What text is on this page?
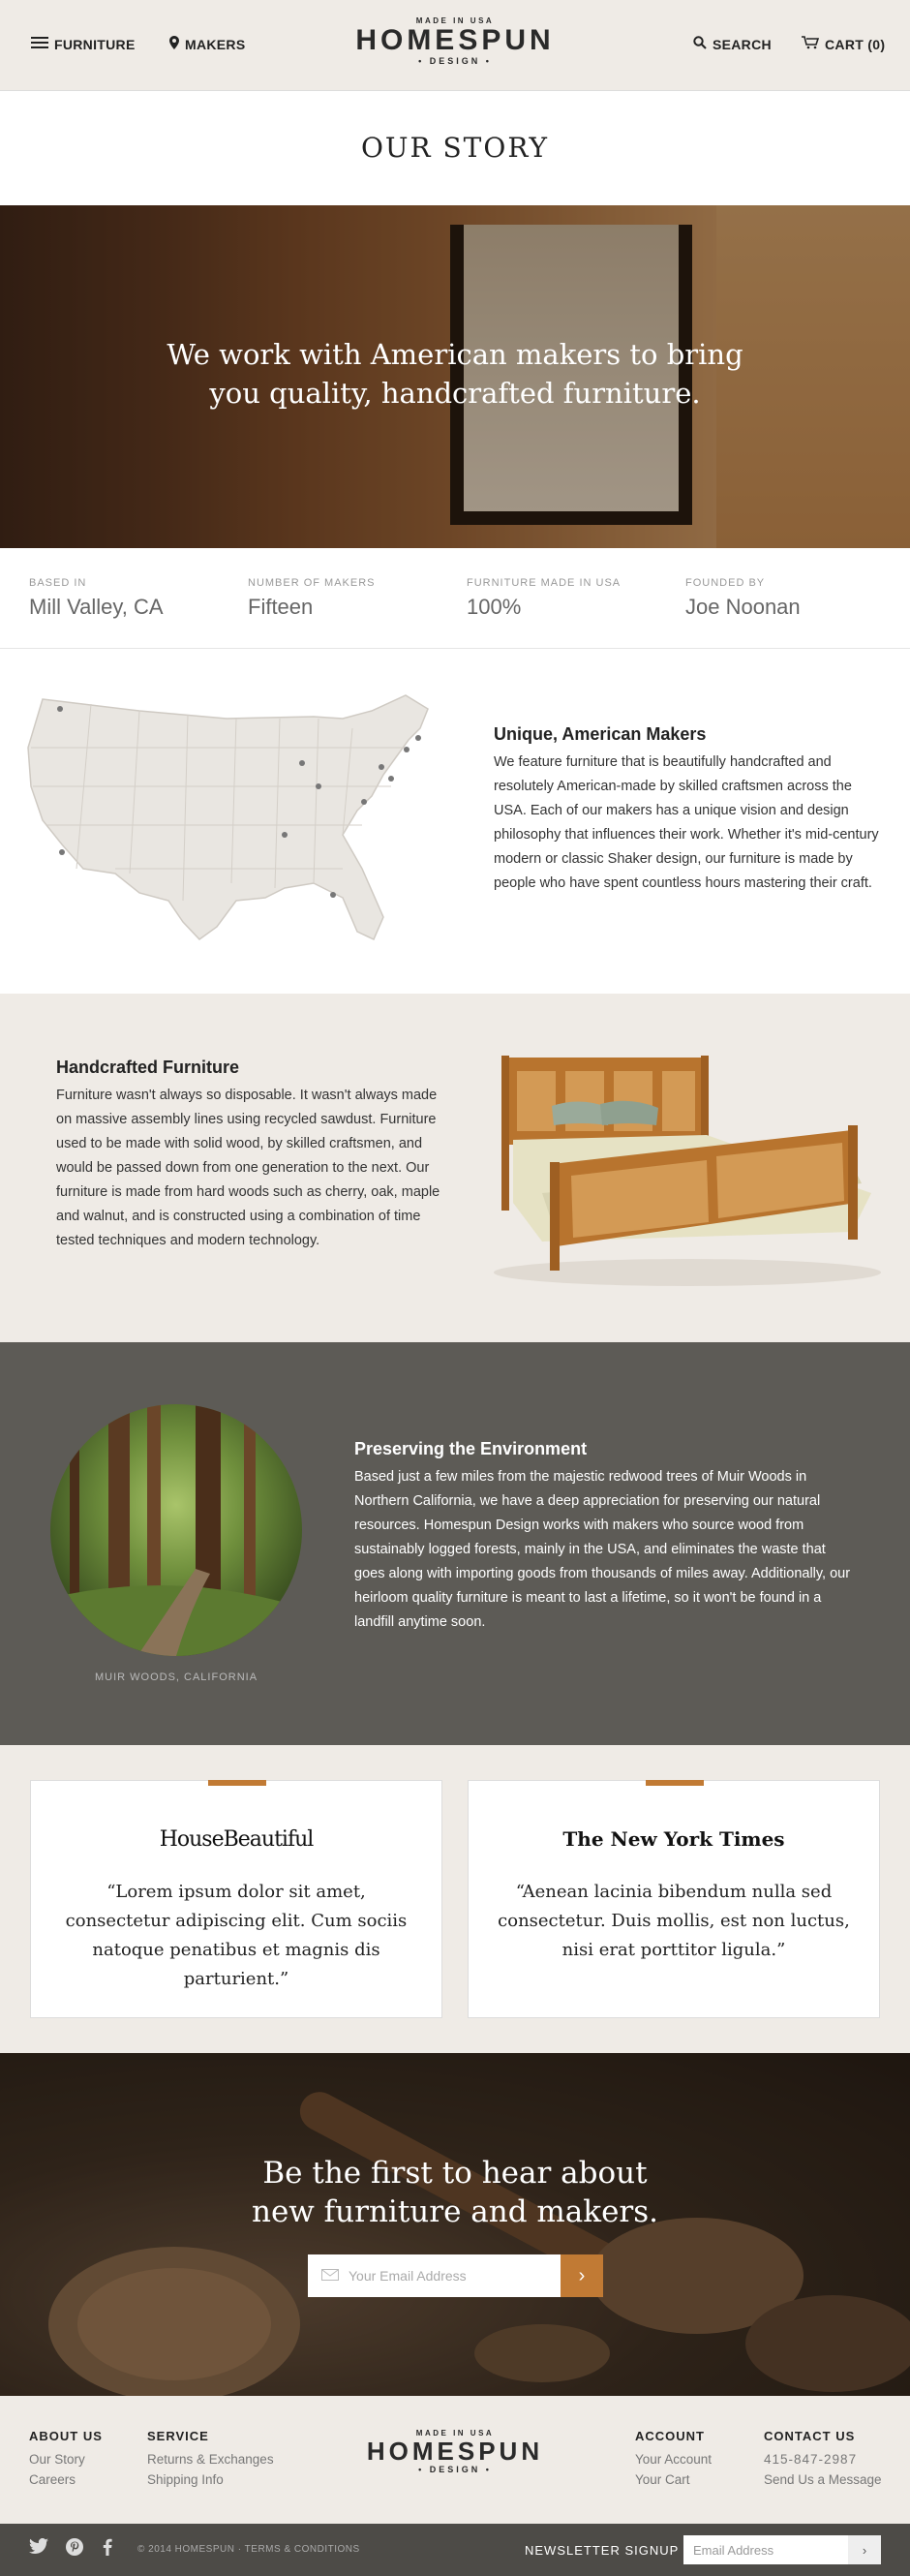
FURNITURE	MAKERS
MADE IN USA
HOMESPUN
• DESIGN •
SEARCH	CART (0)
OUR STORY
We work with American makers to bring
you quality, handcrafted furniture.
BASED IN
Mill Valley, CA
NUMBER OF MAKERS
Fifteen
FURNITURE MADE IN USA
100%
FOUNDED BY
Joe Noonan
Unique, American Makers
We feature furniture that is beautifully handcrafted and resolutely American-made by skilled craftsmen across the USA. Each of our makers has a unique vision and design philosophy that influences their work. Whether it's mid-century modern or classic Shaker design, our furniture is made by people who have spent countless hours mastering their craft.
Handcrafted Furniture
Furniture wasn't always so disposable. It wasn't always made on massive assembly lines using recycled sawdust. Furniture used to be made with solid wood, by skilled craftsmen, and would be passed down from one generation to the next. Our furniture is made from hard woods such as cherry, oak, maple and walnut, and is constructed using a combination of time tested techniques and modern technology.
MUIR WOODS, CALIFORNIA
Preserving the Environment
Based just a few miles from the majestic redwood trees of Muir Woods in Northern California, we have a deep appreciation for preserving our natural resources. Homespun Design works with makers who source wood from sustainably logged forests, mainly in the USA, and eliminates the waste that goes along with importing goods from thousands of miles away. Additionally, our heirloom quality furniture is meant to last a lifetime, so it won't be found in a landfill anytime soon.
HouseBeautiful
“Lorem ipsum dolor sit amet, consectetur adipiscing elit. Cum sociis natoque penatibus et magnis dis parturient.”
The New York Times
“Aenean lacinia bibendum nulla sed consectetur. Duis mollis, est non luctus, nisi erat porttitor ligula.”
Be the first to hear about
new furniture and makers.
Your Email Address	›
ABOUT US
Our Story
Careers
SERVICE
Returns & Exchanges
Shipping Info
MADE IN USA
HOMESPUN
• DESIGN •
ACCOUNT
Your Account
Your Cart
CONTACT US
415-847-2987
Send Us a Message
© 2014 HOMESPUN · TERMS & CONDITIONS	NEWSLETTER SIGNUP Email Address	›
